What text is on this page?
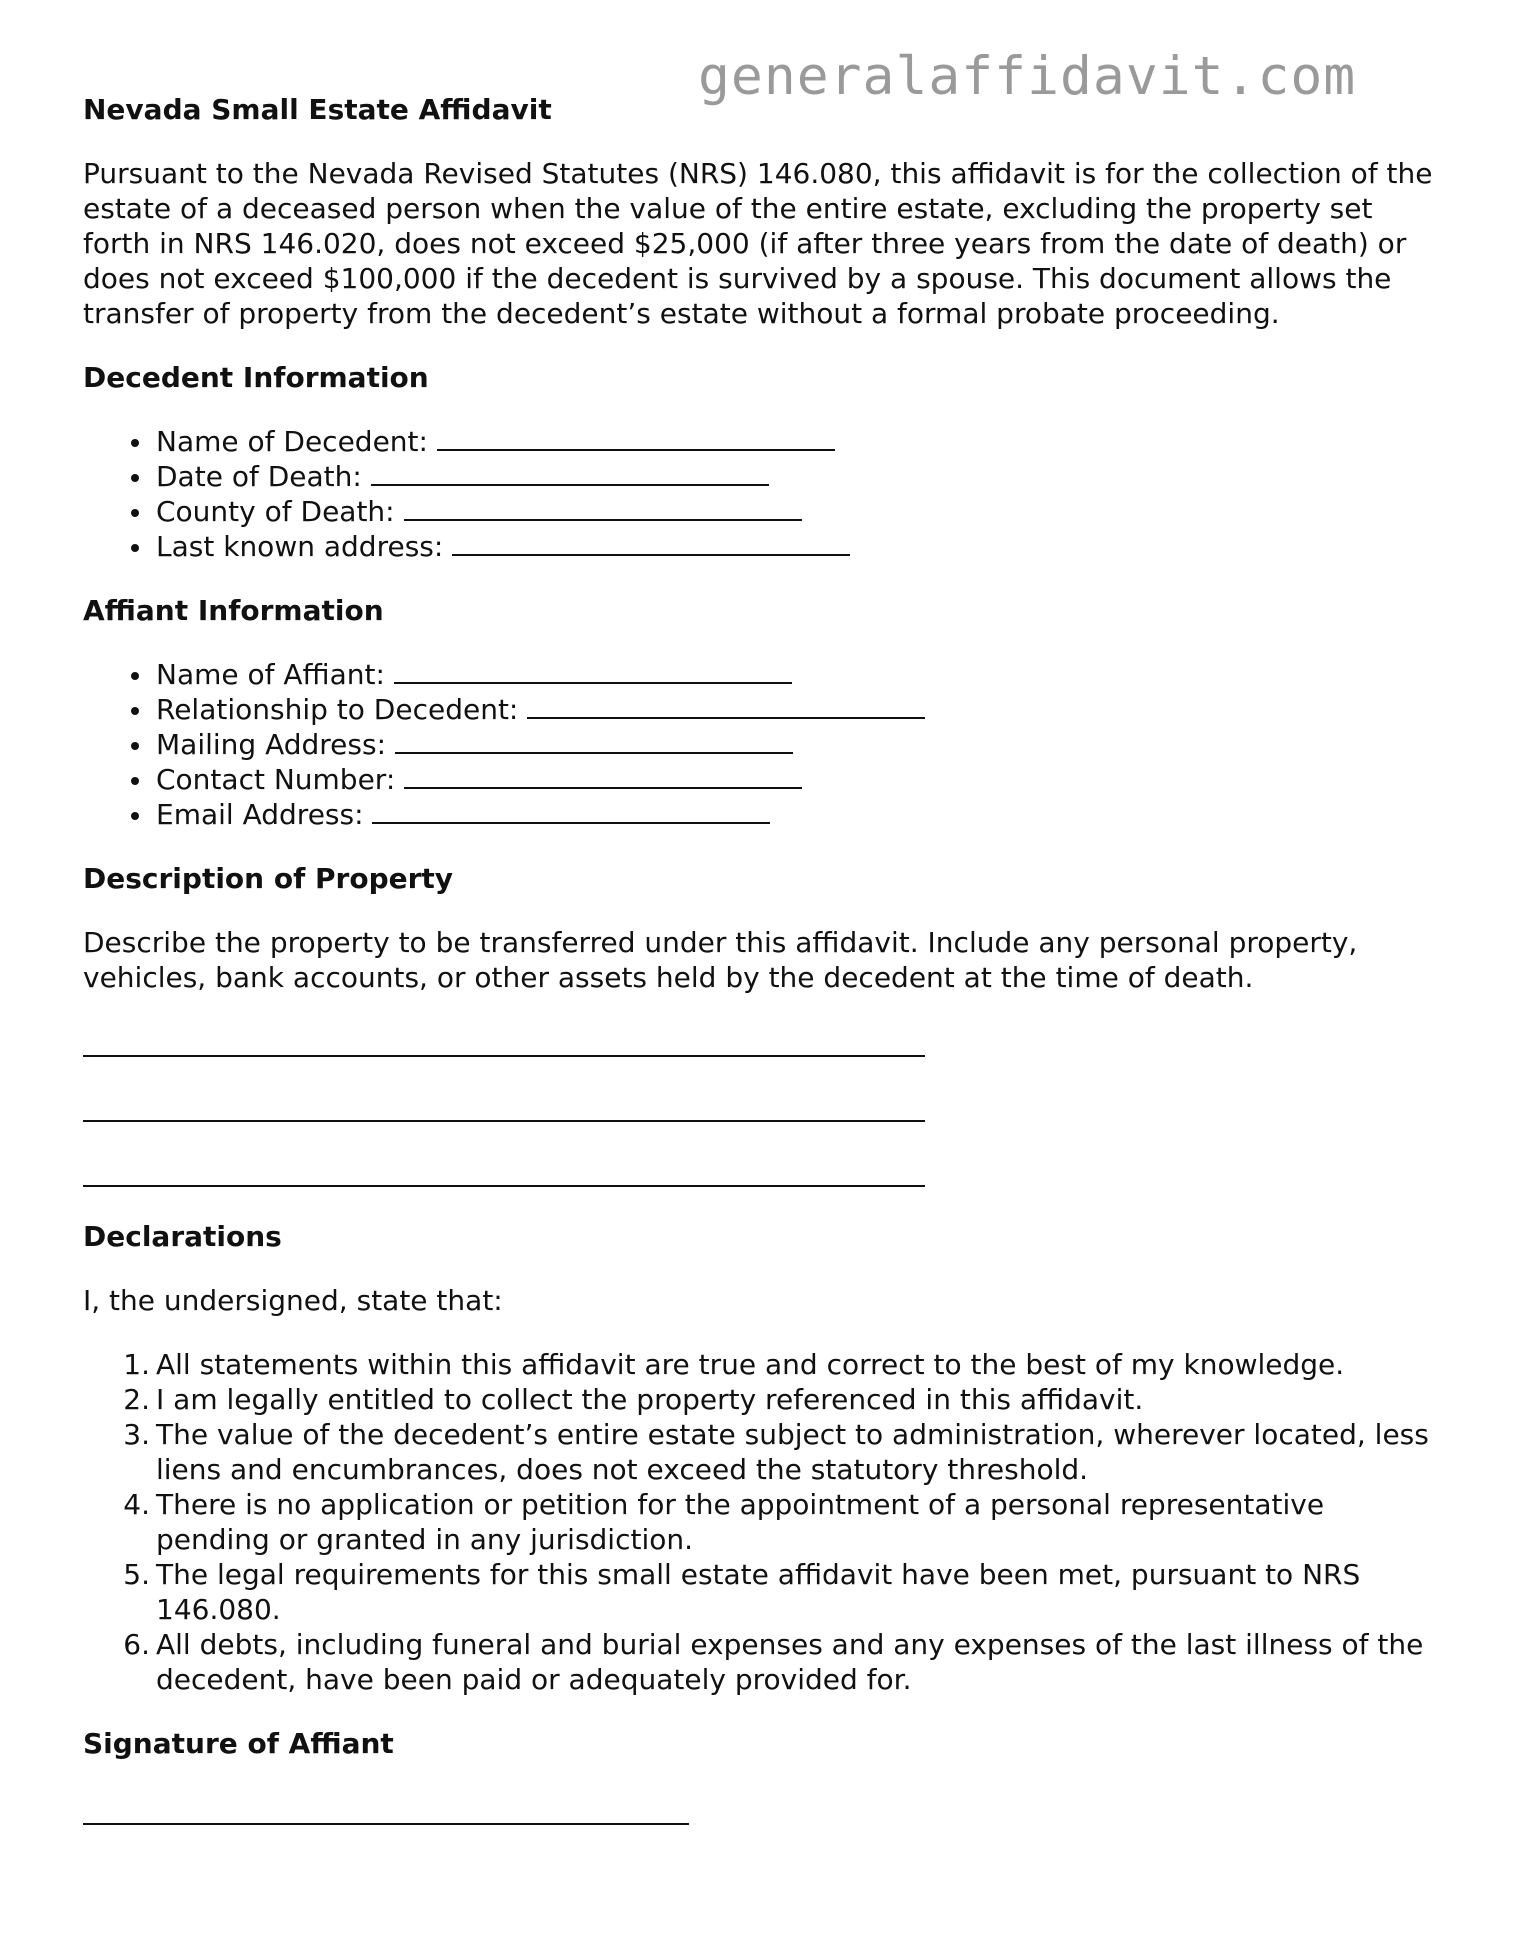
generalaffidavit.com
Nevada Small Estate Affidavit

Pursuant to the Nevada Revised Statutes (NRS) 146.080, this affidavit is for the collection of the estate of a deceased person when the value of the entire estate, excluding the property set forth in NRS 146.020, does not exceed $25,000 (if after three years from the date of death) or does not exceed $100,000 if the decedent is survived by a spouse. This document allows the transfer of property from the decedent’s estate without a formal probate proceeding.

Decedent Information
Name of Decedent:
Date of Death:
County of Death:
Last known address:
Affiant Information
Name of Affiant:
Relationship to Decedent:
Mailing Address:
Contact Number:
Email Address:
Description of Property

Describe the property to be transferred under this affidavit. Include any personal property, vehicles, bank accounts, or other assets held by the decedent at the time of death.

Declarations

I, the undersigned, state that:

1. All statements within this affidavit are true and correct to the best of my knowledge.
2. I am legally entitled to collect the property referenced in this affidavit.
3. The value of the decedent’s entire estate subject to administration, wherever located, less liens and encumbrances, does not exceed the statutory threshold.
4. There is no application or petition for the appointment of a personal representative pending or granted in any jurisdiction.
5. The legal requirements for this small estate affidavit have been met, pursuant to NRS 146.080.
6. All debts, including funeral and burial expenses and any expenses of the last illness of the decedent, have been paid or adequately provided for.
Signature of Affiant
